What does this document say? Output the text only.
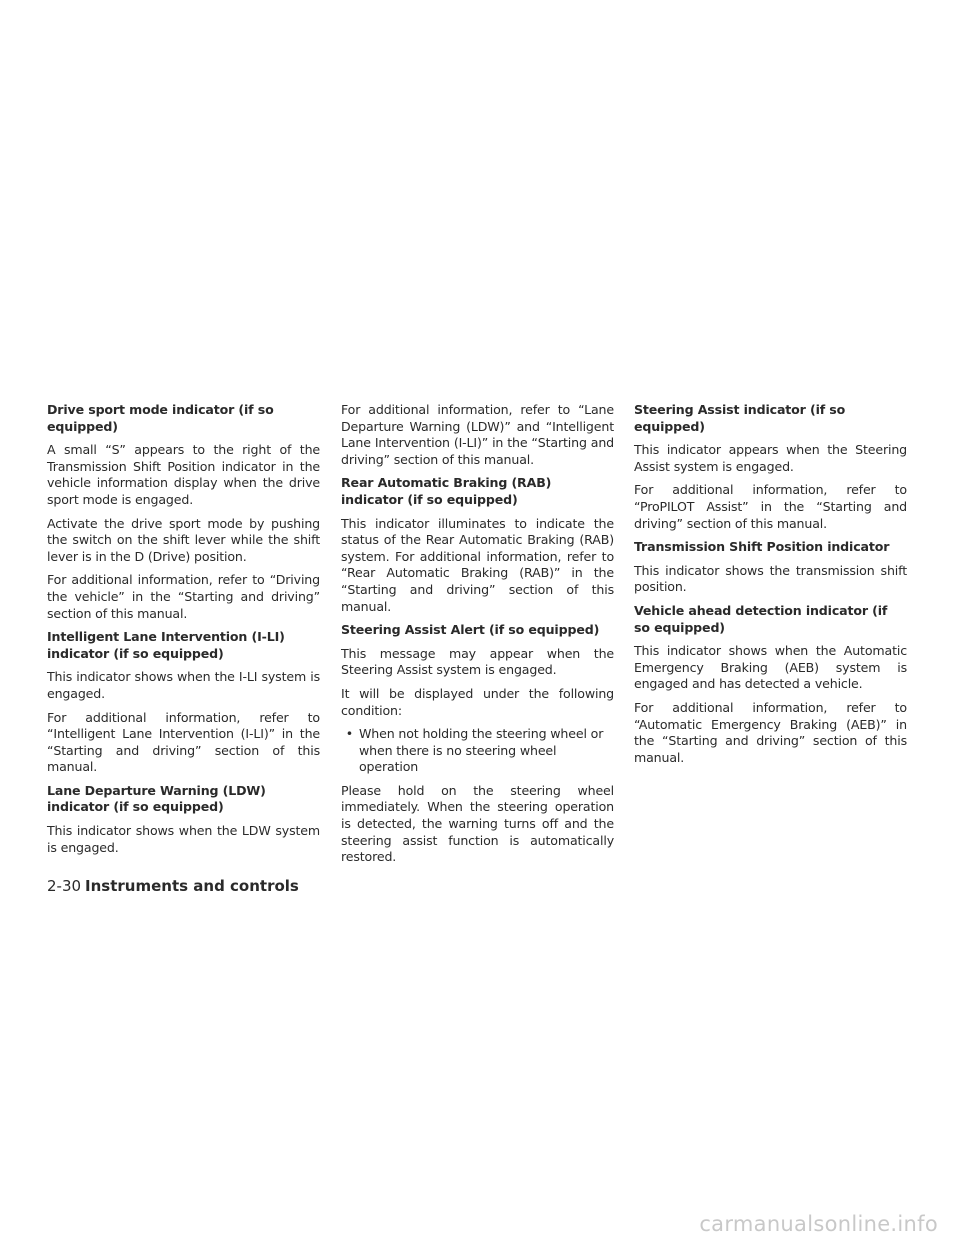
Drive sport mode indicator (if so equipped)
A small “S” appears to the right of the Transmission Shift Position indicator in the vehicle information display when the drive sport mode is engaged.
Activate the drive sport mode by pushing the switch on the shift lever while the shift lever is in the D (Drive) position.
For additional information, refer to “Driving the vehicle” in the “Starting and driving” section of this manual.
Intelligent Lane Intervention (I-LI) indicator (if so equipped)
This indicator shows when the I-LI system is engaged.
For additional information, refer to “Intelligent Lane Intervention (I-LI)” in the “Starting and driving” section of this manual.
Lane Departure Warning (LDW) indicator (if so equipped)
This indicator shows when the LDW system is engaged.
For additional information, refer to “Lane Departure Warning (LDW)” and “Intelligent Lane Intervention (I-LI)” in the “Starting and driving” section of this manual.
Rear Automatic Braking (RAB) indicator (if so equipped)
This indicator illuminates to indicate the status of the Rear Automatic Braking (RAB) system. For additional information, refer to “Rear Automatic Braking (RAB)” in the “Starting and driving” section of this manual.
Steering Assist Alert (if so equipped)
This message may appear when the Steering Assist system is engaged.
It will be displayed under the following condition:
• When not holding the steering wheel or when there is no steering wheel operation
Please hold on the steering wheel immediately. When the steering operation is detected, the warning turns off and the steering assist function is automatically restored.
Steering Assist indicator (if so equipped)
This indicator appears when the Steering Assist system is engaged.
For additional information, refer to “ProPILOT Assist” in the “Starting and driving” section of this manual.
Transmission Shift Position indicator
This indicator shows the transmission shift position.
Vehicle ahead detection indicator (if so equipped)
This indicator shows when the Automatic Emergency Braking (AEB) system is engaged and has detected a vehicle.
For additional information, refer to “Automatic Emergency Braking (AEB)” in the “Starting and driving” section of this manual.
2-30 Instruments and controls
carmanualsonline.info
